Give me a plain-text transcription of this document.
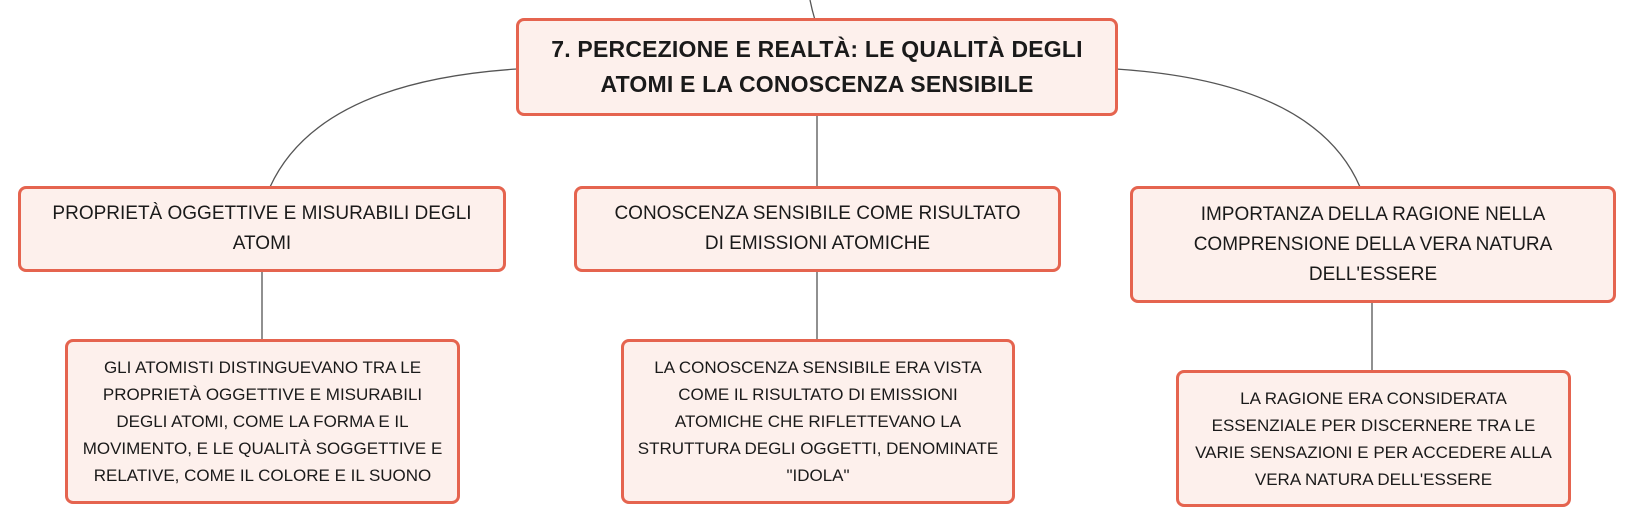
7. PERCEZIONE E REALTÀ: LE QUALITÀ DEGLI ATOMI E LA CONOSCENZA SENSIBILE
PROPRIETÀ OGGETTIVE E MISURABILI DEGLI ATOMI
CONOSCENZA SENSIBILE COME RISULTATO DI EMISSIONI ATOMICHE
IMPORTANZA DELLA RAGIONE NELLA COMPRENSIONE DELLA VERA NATURA DELL'ESSERE
GLI ATOMISTI DISTINGUEVANO TRA LE PROPRIETÀ OGGETTIVE E MISURABILI DEGLI ATOMI, COME LA FORMA E IL MOVIMENTO, E LE QUALITÀ SOGGETTIVE E RELATIVE, COME IL COLORE E IL SUONO
LA CONOSCENZA SENSIBILE ERA VISTA COME IL RISULTATO DI EMISSIONI ATOMICHE CHE RIFLETTEVANO LA STRUTTURA DEGLI OGGETTI, DENOMINATE "IDOLA"
LA RAGIONE ERA CONSIDERATA ESSENZIALE PER DISCERNERE TRA LE VARIE SENSAZIONI E PER ACCEDERE ALLA VERA NATURA DELL'ESSERE
